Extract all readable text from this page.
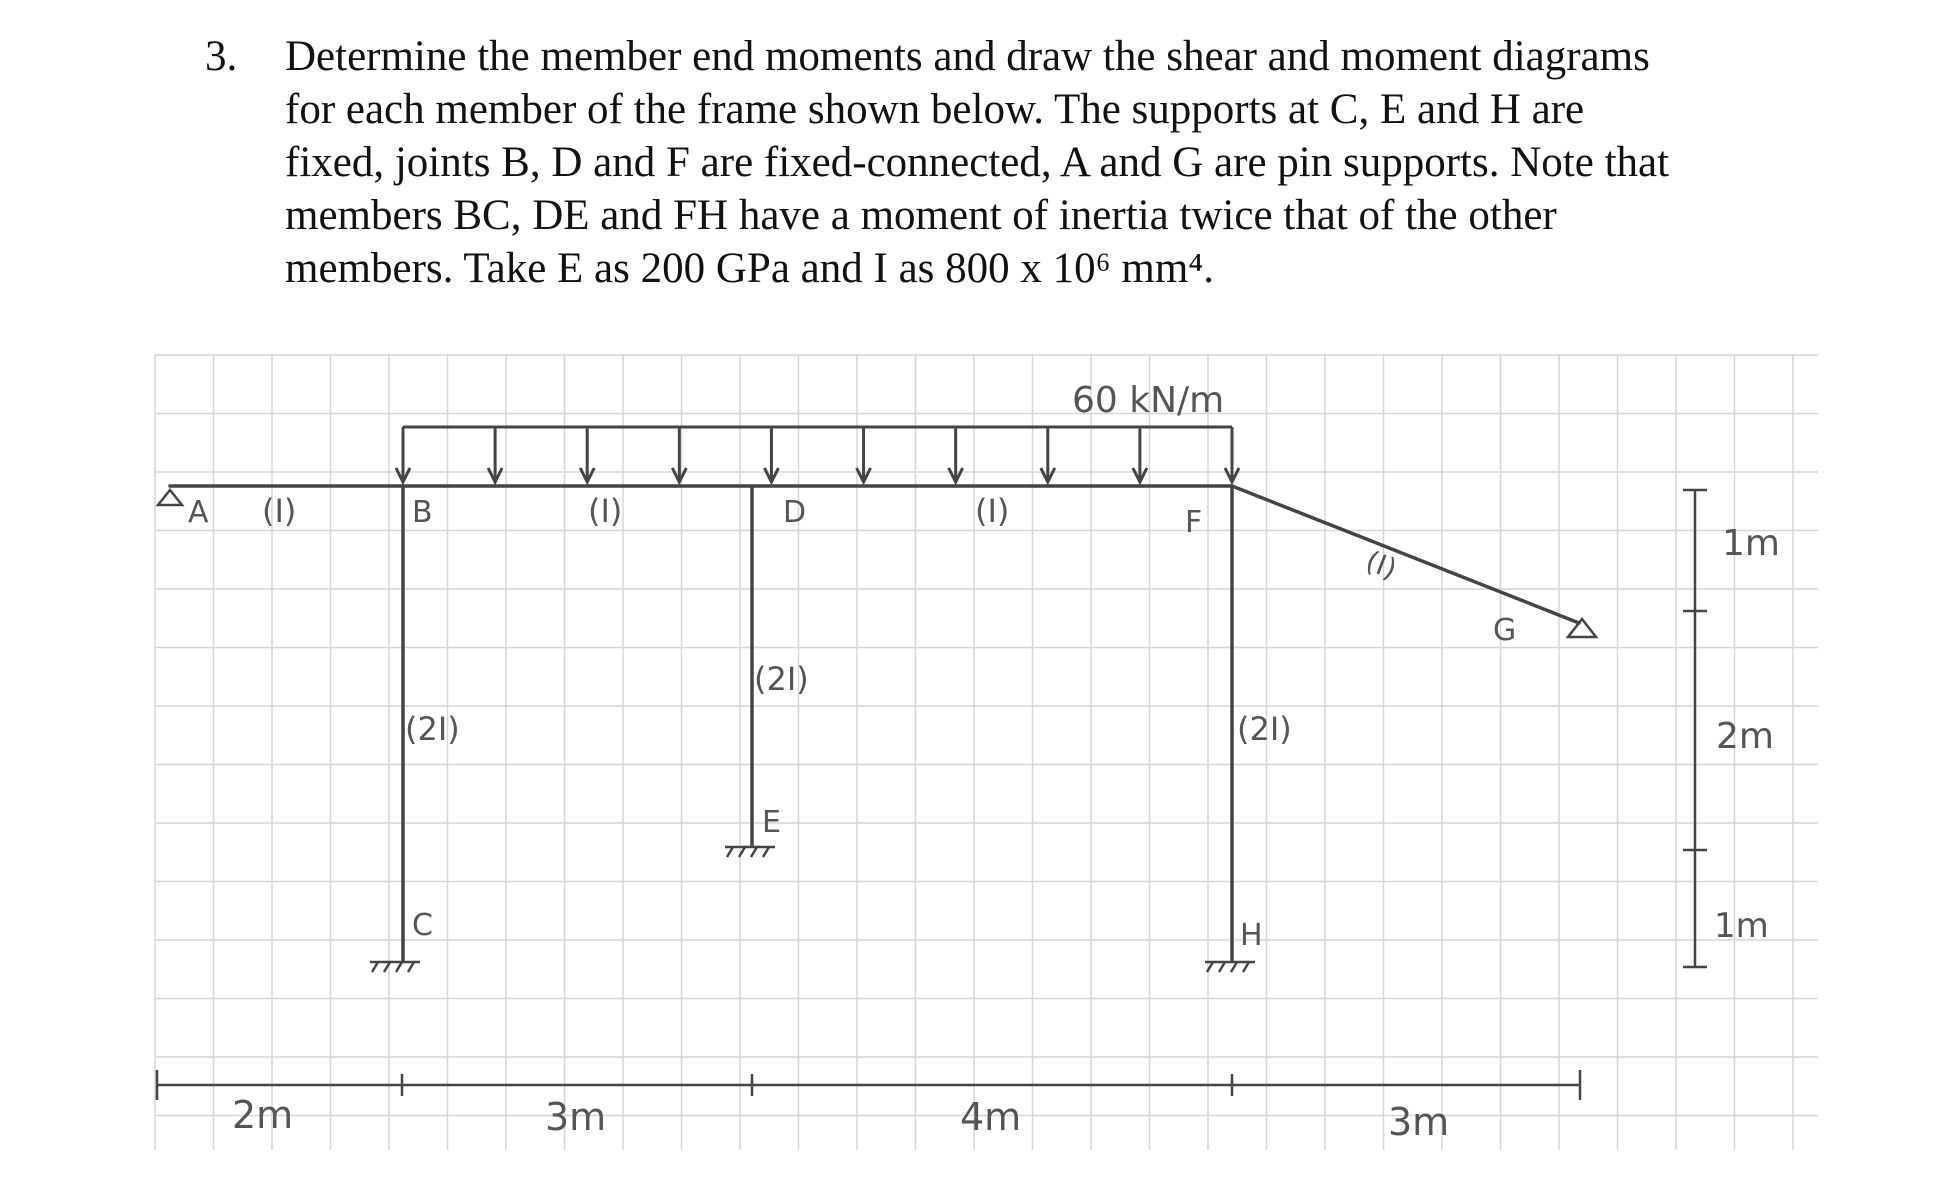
3. Determine the member end moments and draw the shear and moment diagrams
for each member of the frame shown below. The supports at C, E and H are
fixed, joints B, D and F are fixed-connected, A and G are pin supports. Note that
members BC, DE and FH have a moment of inertia twice that of the other
members. Take E as 200 GPa and I as 800 x 10⁶ mm⁴.
60 kN/m
A	B
C
D
E
F
G
H
(I)	(I)	(I)
(I)
(2I)
(2I)
(2I)
2m	3m	4m	3m
1m
2m
1m
